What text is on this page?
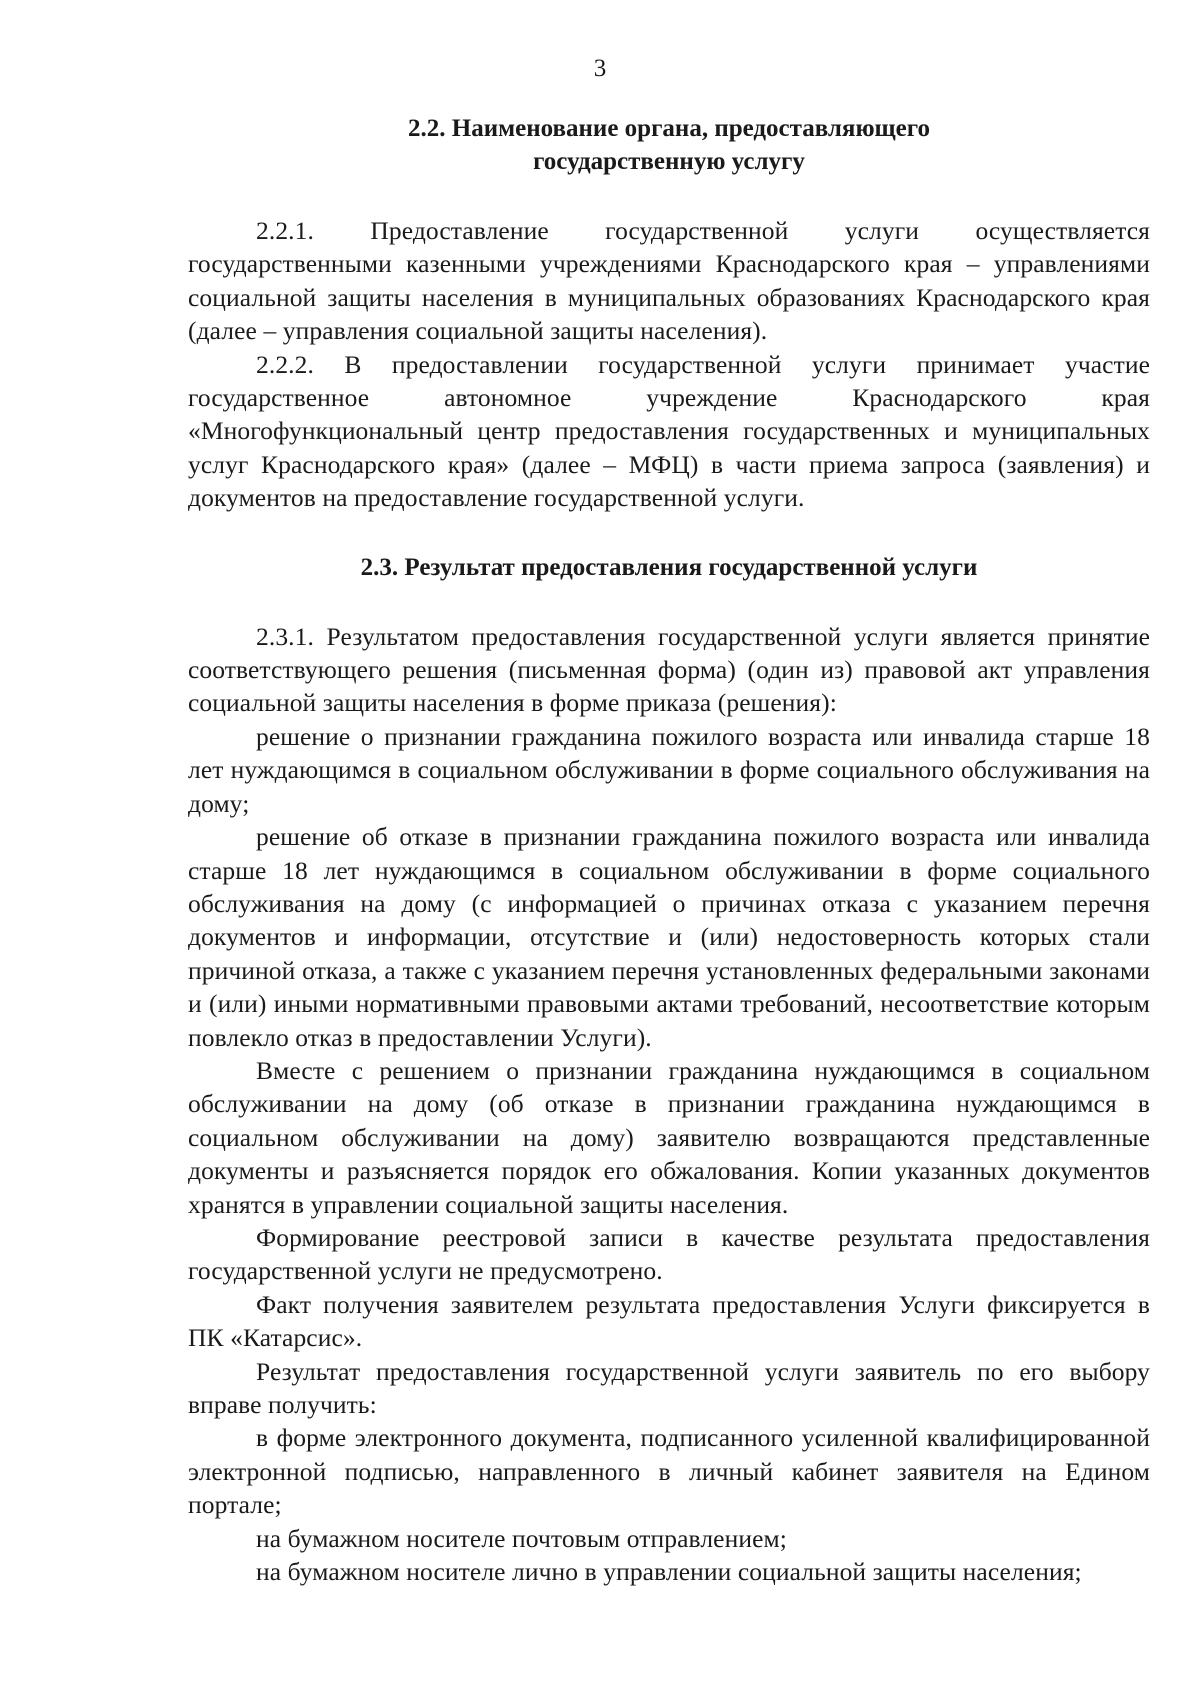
3
2.2. Наименование органа, предоставляющего
государственную услугу

2.2.1. Предоставление государственной услуги осуществляется государственными казенными учреждениями Краснодарского края – управлениями социальной защиты населения в муниципальных образованиях Краснодарского края (далее – управления социальной защиты населения).

2.2.2. В предоставлении государственной услуги принимает участие государственное автономное учреждение Краснодарского края «Многофункциональный центр предоставления государственных и муниципальных услуг Краснодарского края» (далее – МФЦ) в части приема запроса (заявления) и документов на предоставление государственной услуги.

2.3. Результат предоставления государственной услуги

2.3.1. Результатом предоставления государственной услуги является принятие соответствующего решения (письменная форма) (один из) правовой акт управления социальной защиты населения в форме приказа (решения):

решение о признании гражданина пожилого возраста или инвалида старше 18 лет нуждающимся в социальном обслуживании в форме социального обслуживания на дому;

решение об отказе в признании гражданина пожилого возраста или инвалида старше 18 лет нуждающимся в социальном обслуживании в форме социального обслуживания на дому (с информацией о причинах отказа с указанием перечня документов и информации, отсутствие и (или) недостоверность которых стали причиной отказа, а также с указанием перечня установленных федеральными законами и (или) иными нормативными правовыми актами требований, несоответствие которым повлекло отказ в предоставлении Услуги).

Вместе с решением о признании гражданина нуждающимся в социальном обслуживании на дому (об отказе в признании гражданина нуждающимся в социальном обслуживании на дому) заявителю возвращаются представленные документы и разъясняется порядок его обжалования. Копии указанных документов хранятся в управлении социальной защиты населения.

Формирование реестровой записи в качестве результата предоставления государственной услуги не предусмотрено.

Факт получения заявителем результата предоставления Услуги фиксируется в ПК «Катарсис».

Результат предоставления государственной услуги заявитель по его выбору вправе получить:

в форме электронного документа, подписанного усиленной квалифицированной электронной подписью, направленного в личный кабинет заявителя на Едином портале;

на бумажном носителе почтовым отправлением;

на бумажном носителе лично в управлении социальной защиты населения;
